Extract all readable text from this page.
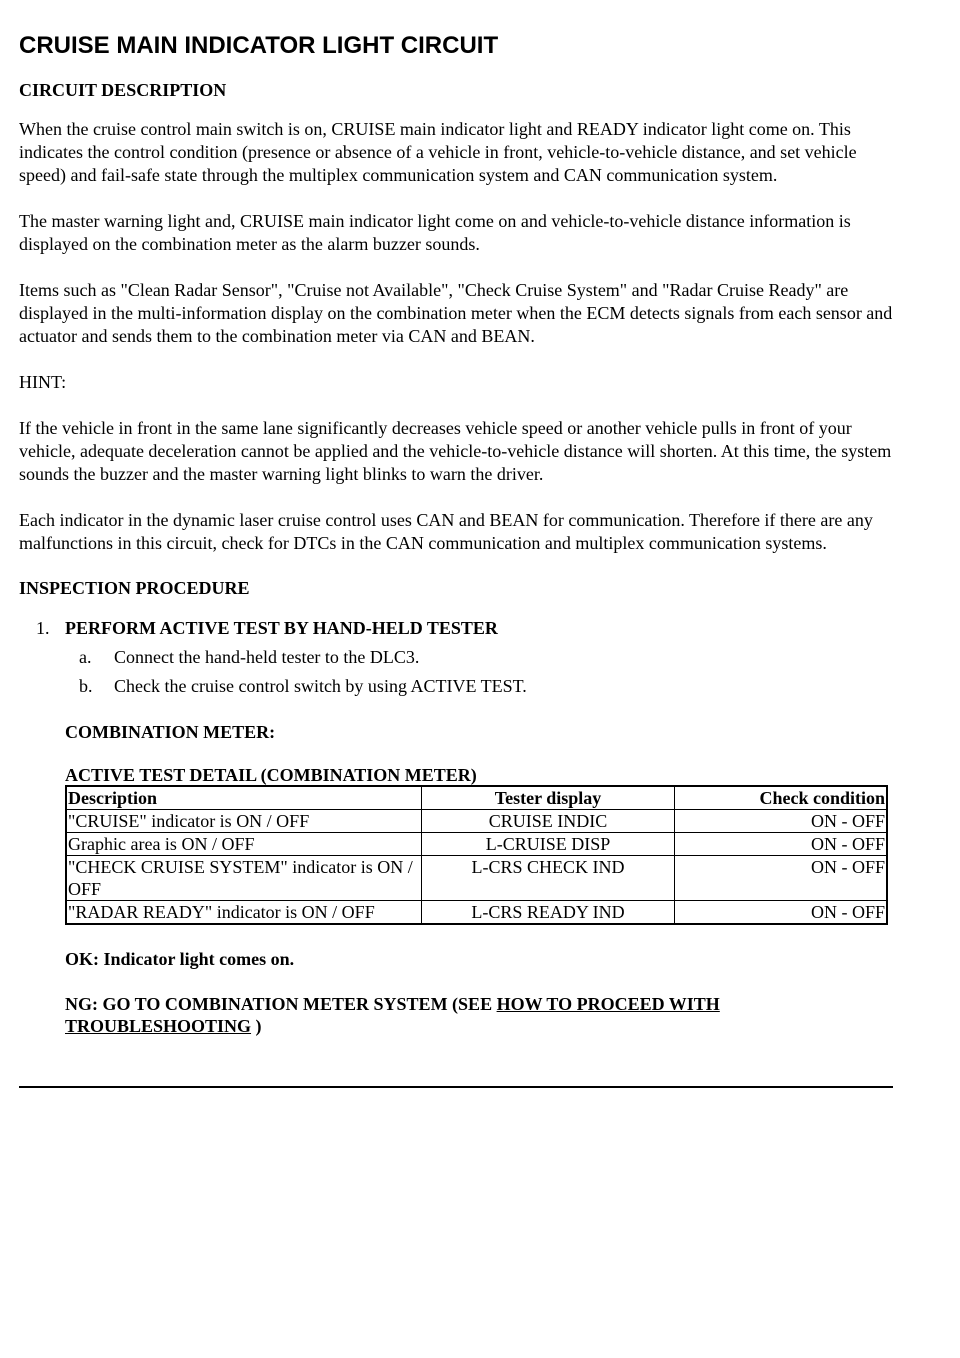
CRUISE MAIN INDICATOR LIGHT CIRCUIT
CIRCUIT DESCRIPTION

When the cruise control main switch is on, CRUISE main indicator light and READY indicator light come on. This indicates the control condition (presence or absence of a vehicle in front, vehicle-to-vehicle distance, and set vehicle speed) and fail-safe state through the multiplex communication system and CAN communication system.

The master warning light and, CRUISE main indicator light come on and vehicle-to-vehicle distance information is displayed on the combination meter as the alarm buzzer sounds.

Items such as "Clean Radar Sensor", "Cruise not Available", "Check Cruise System" and "Radar Cruise Ready" are displayed in the multi-information display on the combination meter when the ECM detects signals from each sensor and actuator and sends them to the combination meter via CAN and BEAN.

HINT:

If the vehicle in front in the same lane significantly decreases vehicle speed or another vehicle pulls in front of your vehicle, adequate deceleration cannot be applied and the vehicle-to-vehicle distance will shorten. At this time, the system sounds the buzzer and the master warning light blinks to warn the driver.

Each indicator in the dynamic laser cruise control uses CAN and BEAN for communication. Therefore if there are any malfunctions in this circuit, check for DTCs in the CAN communication and multiplex communication systems.

INSPECTION PROCEDURE
1. PERFORM ACTIVE TEST BY HAND-HELD TESTER
a. Connect the hand-held tester to the DLC3.
b. Check the cruise control switch by using ACTIVE TEST.
COMBINATION METER:
ACTIVE TEST DETAIL (COMBINATION METER)
Description	Tester display	Check condition
"CRUISE" indicator is ON / OFF	CRUISE INDIC	ON - OFF
Graphic area is ON / OFF	L-CRUISE DISP	ON - OFF
"CHECK CRUISE SYSTEM" indicator is ON / OFF	L-CRS CHECK IND	ON - OFF
"RADAR READY" indicator is ON / OFF	L-CRS READY IND	ON - OFF
OK: Indicator light comes on.
NG: GO TO COMBINATION METER SYSTEM (SEE HOW TO PROCEED WITH TROUBLESHOOTING )
